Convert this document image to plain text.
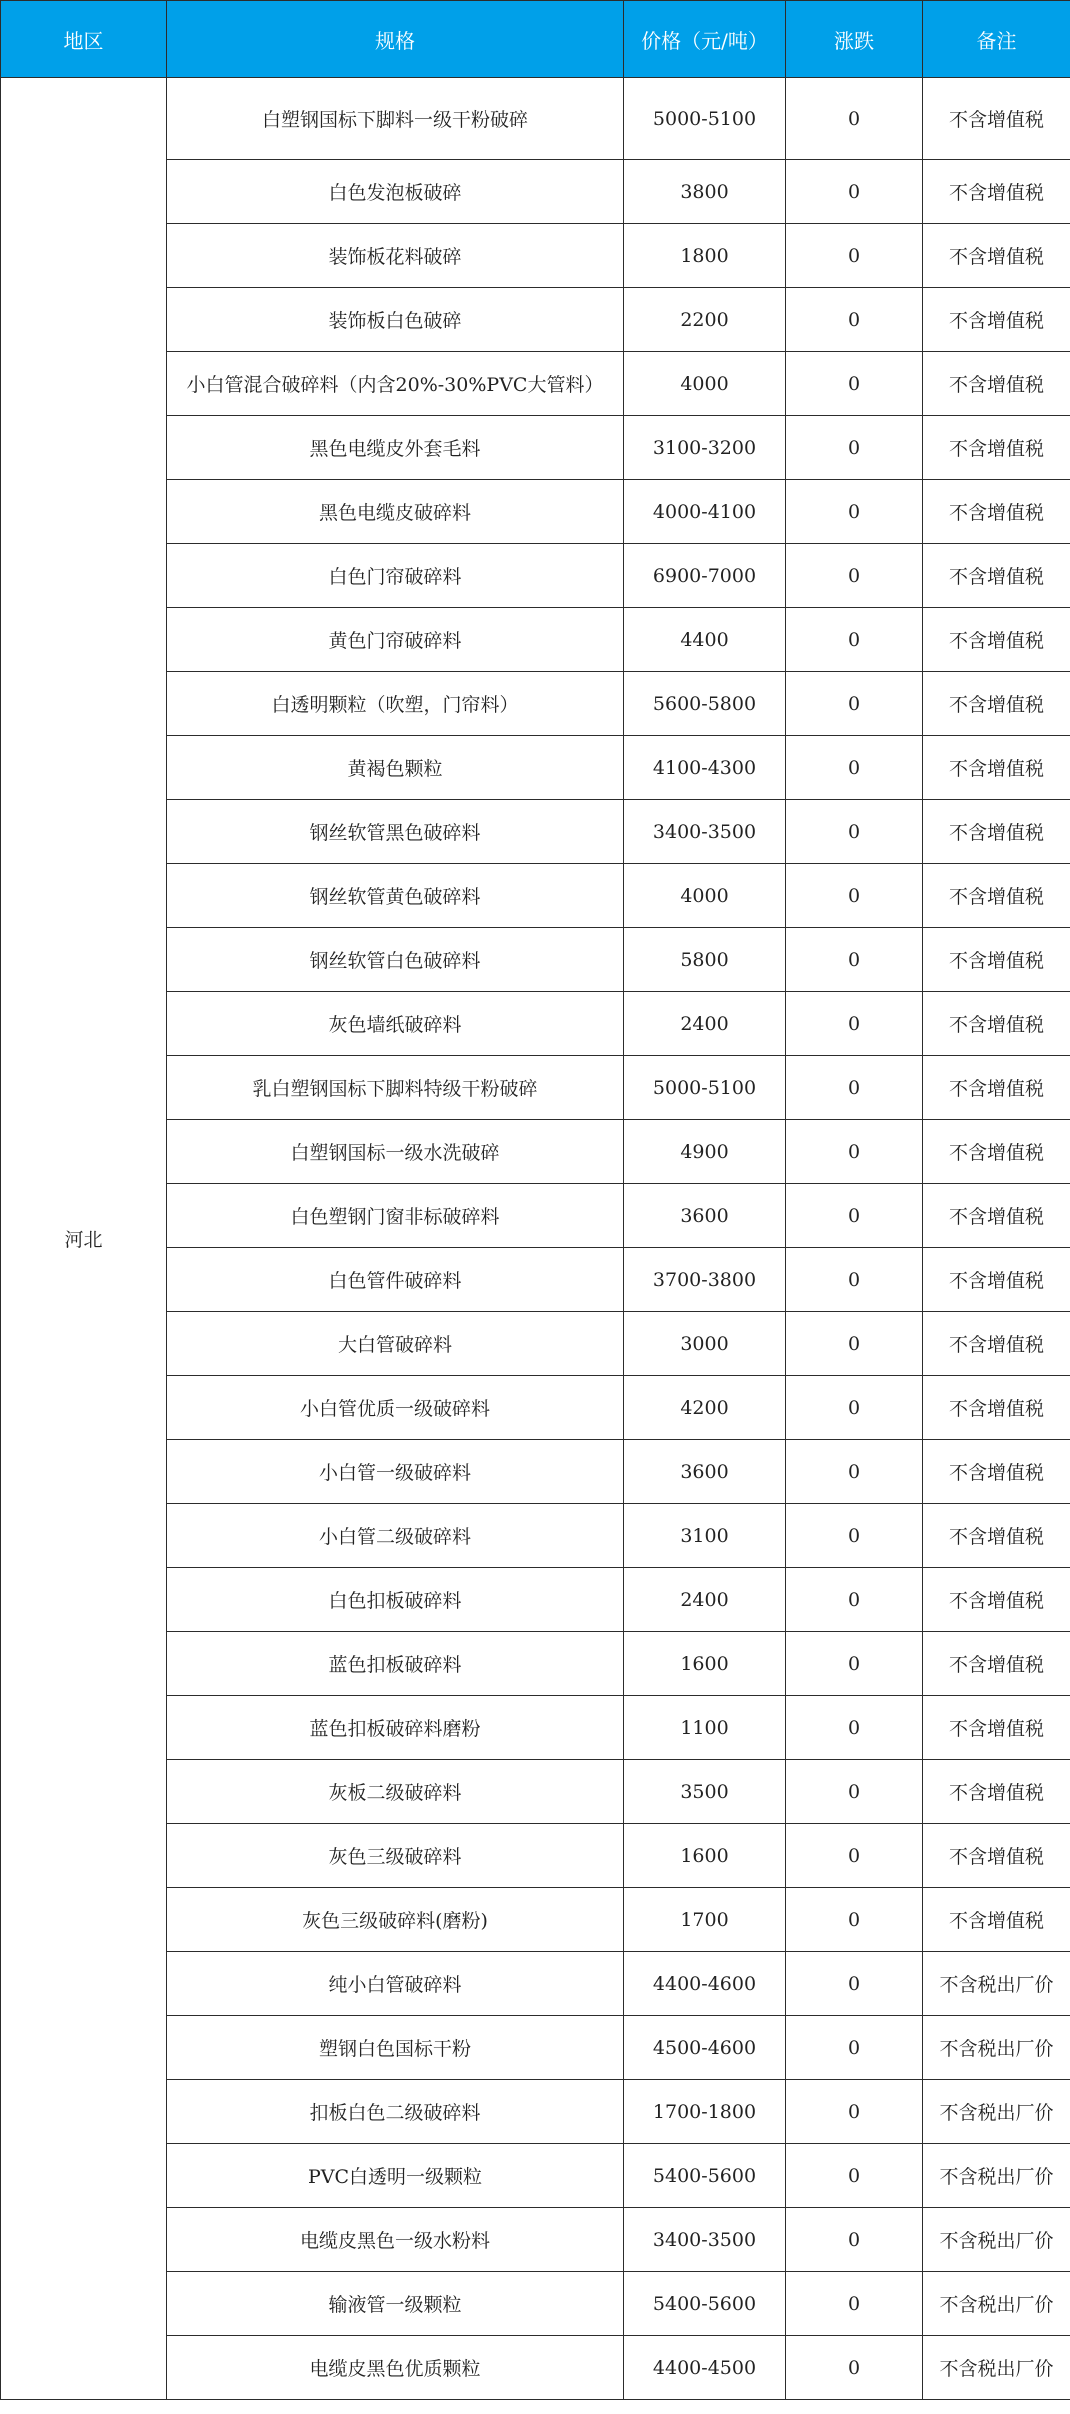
地区	规格	价格（元/吨）	涨跌	备注
河北	白塑钢国标下脚料一级干粉破碎	5000-5100	0	不含增值税
	白色发泡板破碎	3800	0	不含增值税
	装饰板花料破碎	1800	0	不含增值税
	装饰板白色破碎	2200	0	不含增值税
	小白管混合破碎料（内含20%-30%PVC大管料）	4000	0	不含增值税
	黑色电缆皮外套毛料	3100-3200	0	不含增值税
	黑色电缆皮破碎料	4000-4100	0	不含增值税
	白色门帘破碎料	6900-7000	0	不含增值税
	黄色门帘破碎料	4400	0	不含增值税
	白透明颗粒（吹塑，门帘料）	5600-5800	0	不含增值税
	黄褐色颗粒	4100-4300	0	不含增值税
	钢丝软管黑色破碎料	3400-3500	0	不含增值税
	钢丝软管黄色破碎料	4000	0	不含增值税
	钢丝软管白色破碎料	5800	0	不含增值税
	灰色墙纸破碎料	2400	0	不含增值税
	乳白塑钢国标下脚料特级干粉破碎	5000-5100	0	不含增值税
	白塑钢国标一级水洗破碎	4900	0	不含增值税
	白色塑钢门窗非标破碎料	3600	0	不含增值税
	白色管件破碎料	3700-3800	0	不含增值税
	大白管破碎料	3000	0	不含增值税
	小白管优质一级破碎料	4200	0	不含增值税
	小白管一级破碎料	3600	0	不含增值税
	小白管二级破碎料	3100	0	不含增值税
	白色扣板破碎料	2400	0	不含增值税
	蓝色扣板破碎料	1600	0	不含增值税
	蓝色扣板破碎料磨粉	1100	0	不含增值税
	灰板二级破碎料	3500	0	不含增值税
	灰色三级破碎料	1600	0	不含增值税
	灰色三级破碎料(磨粉)	1700	0	不含增值税
	纯小白管破碎料	4400-4600	0	不含税出厂价
	塑钢白色国标干粉	4500-4600	0	不含税出厂价
	扣板白色二级破碎料	1700-1800	0	不含税出厂价
	PVC白透明一级颗粒	5400-5600	0	不含税出厂价
	电缆皮黑色一级水粉料	3400-3500	0	不含税出厂价
	输液管一级颗粒	5400-5600	0	不含税出厂价
	电缆皮黑色优质颗粒	4400-4500	0	不含税出厂价
